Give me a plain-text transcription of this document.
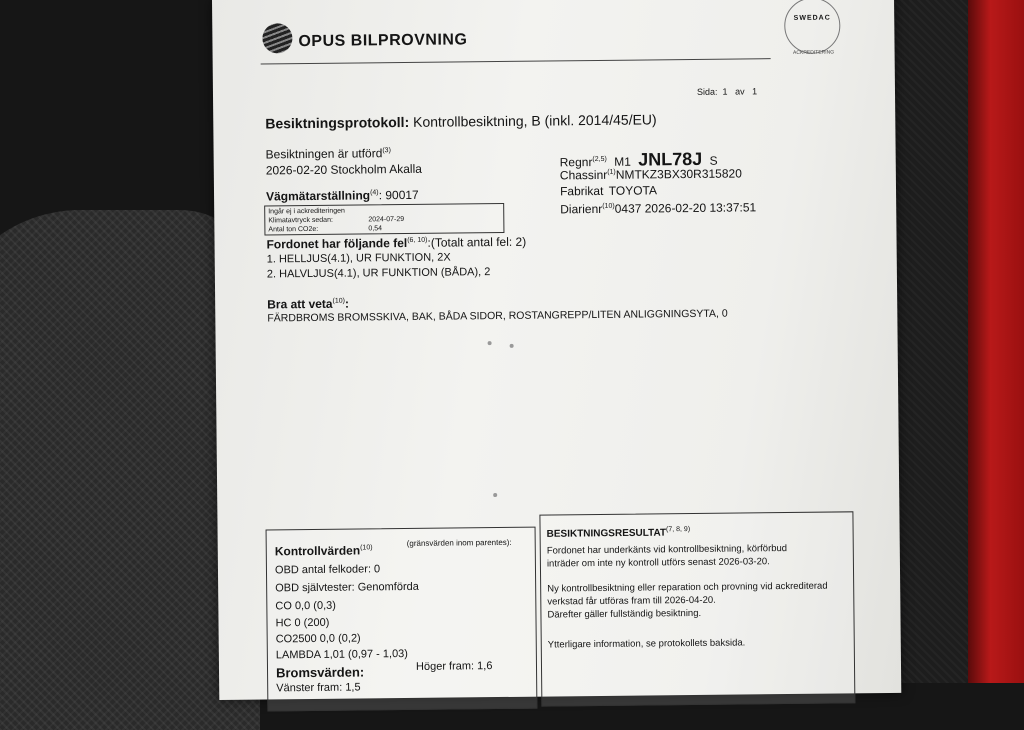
OPUS BILPROVNING
SWEDAC
ACKREDITERING
Sida: 1 av 1
Besiktningsprotokoll: Kontrollbesiktning, B (inkl. 2014/45/EU)
Besiktningen är utförd$^{(3)}$
2026-02-20 Stockholm Akalla
Vägmätarställning$^{(4)}$: 90017
Ingår ej i ackrediteringen
Klimatavtryck sedan:	2024-07-29
Antal ton CO2e:	0,54
Regnr$^{(2,5)}$ M1 JNL78J S
Chassinr$^{(1)}$NMTKZ3BX30R315820
Fabrikat TOYOTA
Diarienr$^{(10)}$0437 2026-02-20 13:37:51
Fordonet har följande fel$^{(6, 10)}$:(Totalt antal fel: 2)
1. HELLJUS(4.1), UR FUNKTION, 2X
2. HALVLJUS(4.1), UR FUNKTION (BÅDA), 2
Bra att veta$^{(10)}$:
FÄRDBROMS BROMSSKIVA, BAK, BÅDA SIDOR, ROSTANGREPP/LITEN ANLIGGNINGSYTA, 0
Kontrollvärden$^{(10)}$	(gränsvärden inom parentes):
OBD antal felkoder: 0
OBD självtester: Genomförda
CO 0,0 (0,3)
HC 0 (200)
CO2500 0,0 (0,2)
LAMBDA 1,01 (0,97 - 1,03)
Bromsvärden:	Höger fram: 1,6
Vänster fram: 1,5
BESIKTNINGSRESULTAT$^{(7, 8, 9)}$
Fordonet har underkänts vid kontrollbesiktning, körförbud
inträder om inte ny kontroll utförs senast 2026-03-20.
Ny kontrollbesiktning eller reparation och provning vid ackrediterad
verkstad får utföras fram till 2026-04-20.
Därefter gäller fullständig besiktning.
Ytterligare information, se protokollets baksida.
